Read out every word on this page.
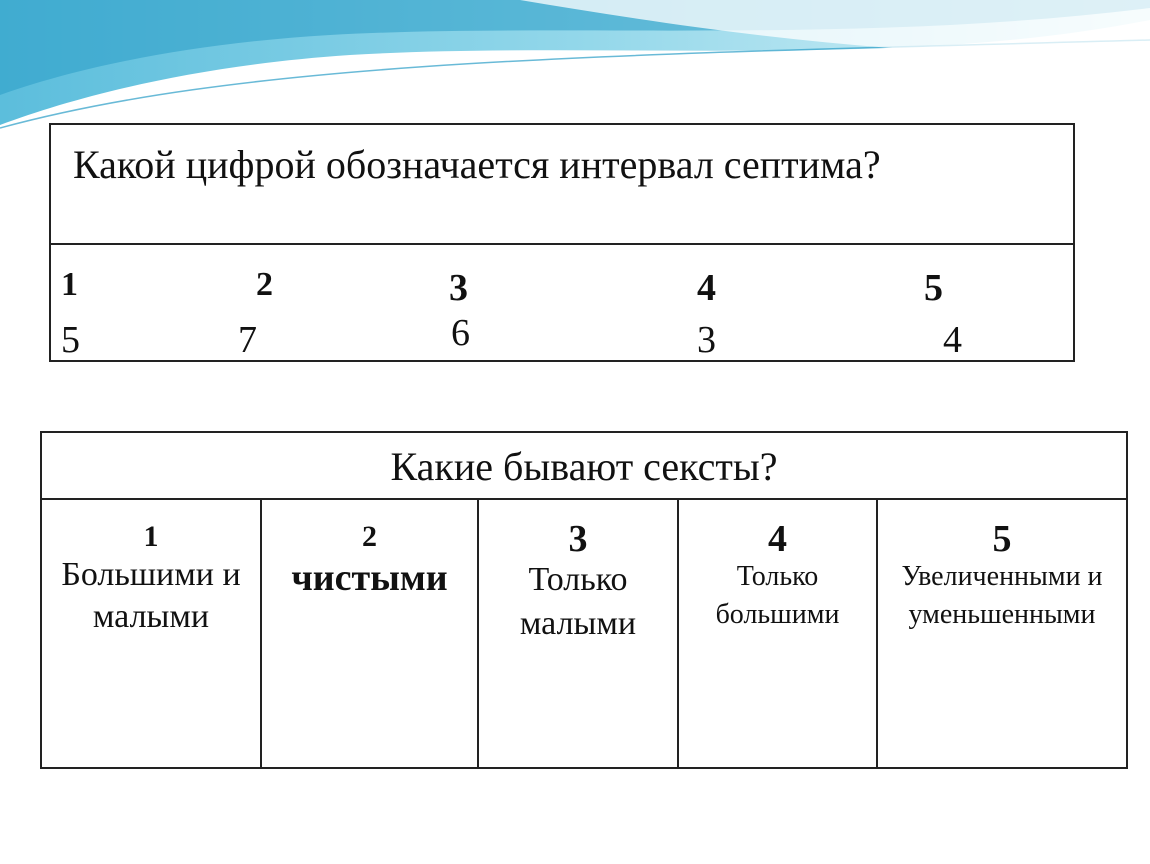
Какой цифрой обозначается интервал септима?
1
5
2
7
3
6
4
3
5
4
Какие бывают сексты?
1
Большими и малыми
2
чистыми
3
Только малыми
4
Только большими
5
Увеличенными и уменьшенными
